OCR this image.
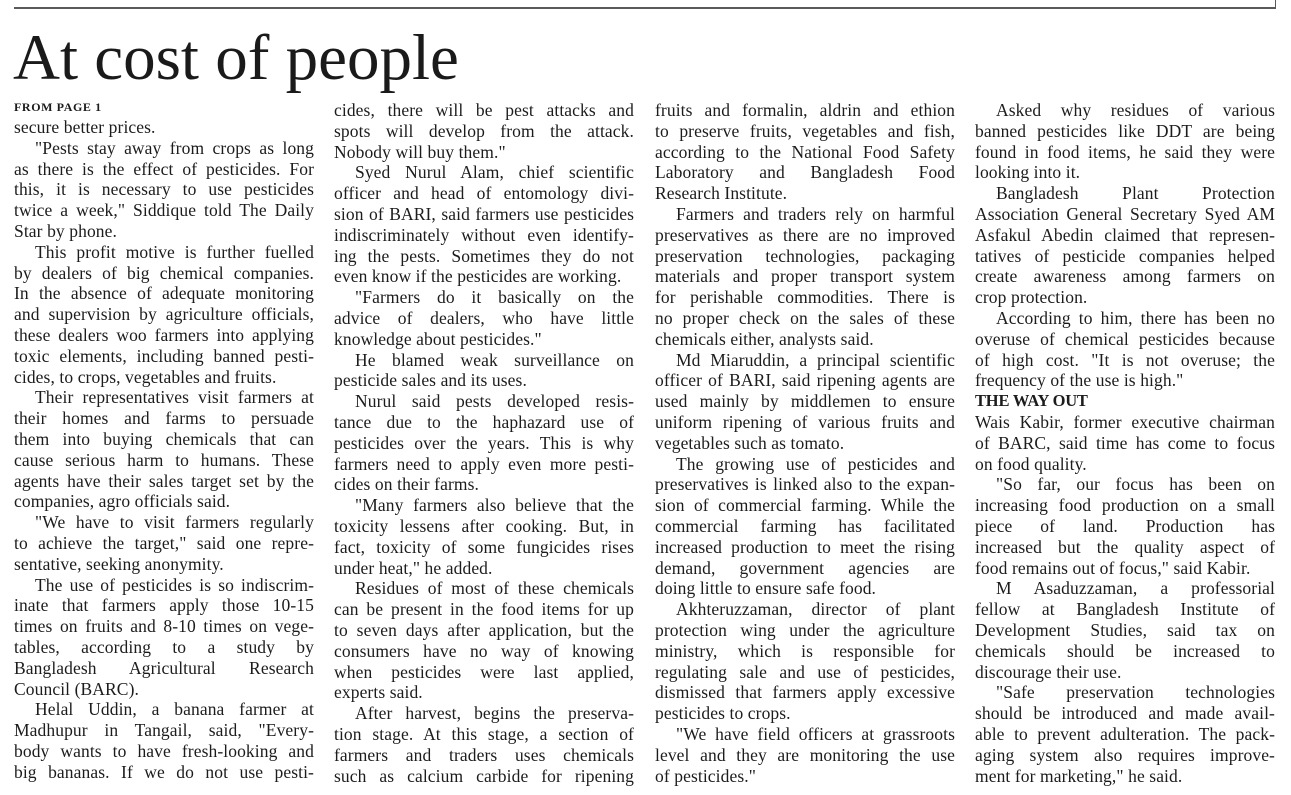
At cost of people
FROM PAGE 1
secure better prices.
"Pests stay away from crops as long
as there is the effect of pesticides. For
this, it is necessary to use pesticides
twice a week," Siddique told The Daily
Star by phone.
This profit motive is further fuelled
by dealers of big chemical companies.
In the absence of adequate monitoring
and supervision by agriculture officials,
these dealers woo farmers into applying
toxic elements, including banned pesti-
cides, to crops, vegetables and fruits.
Their representatives visit farmers at
their homes and farms to persuade
them into buying chemicals that can
cause serious harm to humans. These
agents have their sales target set by the
companies, agro officials said.
"We have to visit farmers regularly
to achieve the target," said one repre-
sentative, seeking anonymity.
The use of pesticides is so indiscrim-
inate that farmers apply those 10-15
times on fruits and 8-10 times on vege-
tables, according to a study by
Bangladesh Agricultural Research
Council (BARC).
Helal Uddin, a banana farmer at
Madhupur in Tangail, said, "Every-
body wants to have fresh-looking and
big bananas. If we do not use pesti-
cides, there will be pest attacks and
spots will develop from the attack.
Nobody will buy them."
Syed Nurul Alam, chief scientific
officer and head of entomology divi-
sion of BARI, said farmers use pesticides
indiscriminately without even identify-
ing the pests. Sometimes they do not
even know if the pesticides are working.
"Farmers do it basically on the
advice of dealers, who have little
knowledge about pesticides."
He blamed weak surveillance on
pesticide sales and its uses.
Nurul said pests developed resis-
tance due to the haphazard use of
pesticides over the years. This is why
farmers need to apply even more pesti-
cides on their farms.
"Many farmers also believe that the
toxicity lessens after cooking. But, in
fact, toxicity of some fungicides rises
under heat," he added.
Residues of most of these chemicals
can be present in the food items for up
to seven days after application, but the
consumers have no way of knowing
when pesticides were last applied,
experts said.
After harvest, begins the preserva-
tion stage. At this stage, a section of
farmers and traders uses chemicals
such as calcium carbide for ripening
fruits and formalin, aldrin and ethion
to preserve fruits, vegetables and fish,
according to the National Food Safety
Laboratory and Bangladesh Food
Research Institute.
Farmers and traders rely on harmful
preservatives as there are no improved
preservation technologies, packaging
materials and proper transport system
for perishable commodities. There is
no proper check on the sales of these
chemicals either, analysts said.
Md Miaruddin, a principal scientific
officer of BARI, said ripening agents are
used mainly by middlemen to ensure
uniform ripening of various fruits and
vegetables such as tomato.
The growing use of pesticides and
preservatives is linked also to the expan-
sion of commercial farming. While the
commercial farming has facilitated
increased production to meet the rising
demand, government agencies are
doing little to ensure safe food.
Akhteruzzaman, director of plant
protection wing under the agriculture
ministry, which is responsible for
regulating sale and use of pesticides,
dismissed that farmers apply excessive
pesticides to crops.
"We have field officers at grassroots
level and they are monitoring the use
of pesticides."
Asked why residues of various
banned pesticides like DDT are being
found in food items, he said they were
looking into it.
Bangladesh Plant Protection
Association General Secretary Syed AM
Asfakul Abedin claimed that represen-
tatives of pesticide companies helped
create awareness among farmers on
crop protection.
According to him, there has been no
overuse of chemical pesticides because
of high cost. "It is not overuse; the
frequency of the use is high."
THE WAY OUT
Wais Kabir, former executive chairman
of BARC, said time has come to focus
on food quality.
"So far, our focus has been on
increasing food production on a small
piece of land. Production has
increased but the quality aspect of
food remains out of focus," said Kabir.
M Asaduzzaman, a professorial
fellow at Bangladesh Institute of
Development Studies, said tax on
chemicals should be increased to
discourage their use.
"Safe preservation technologies
should be introduced and made avail-
able to prevent adulteration. The pack-
aging system also requires improve-
ment for marketing," he said.
